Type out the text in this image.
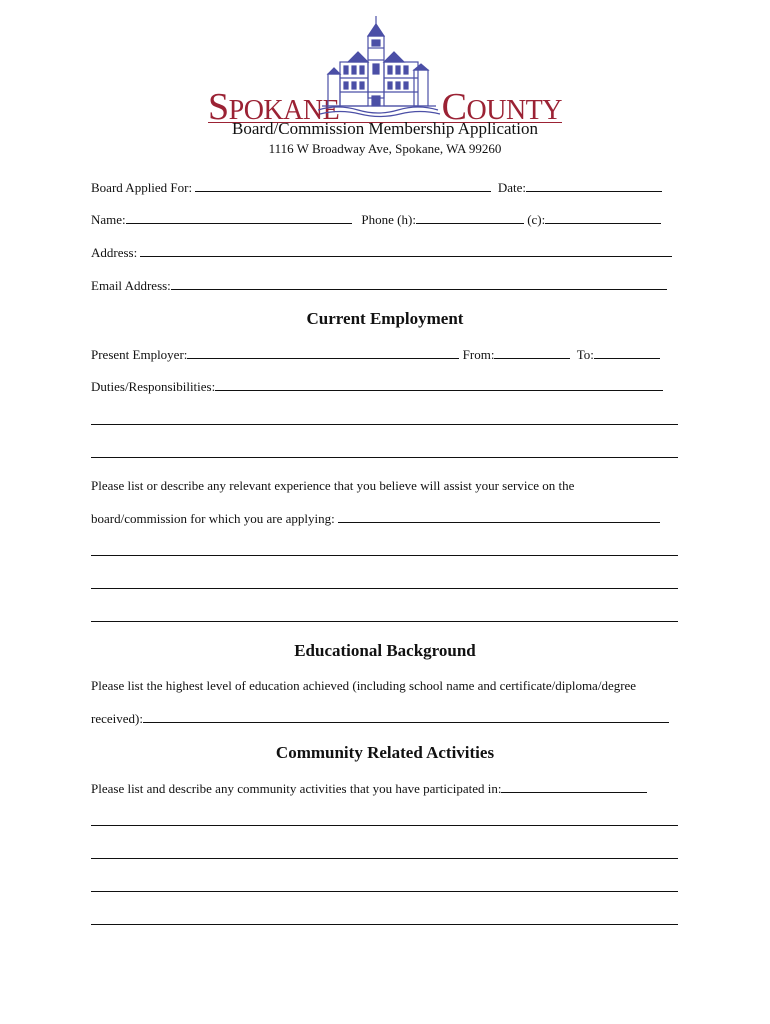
SPOKANE	COUNTY
Board/Commission Membership Application
1116 W Broadway Ave, Spokane, WA 99260
Board Applied For:	Date:
Name:	Phone (h):	(c):
Address:
Email Address:
Current Employment
Present Employer:	From:	To:
Duties/Responsibilities:
Please list or describe any relevant experience that you believe will assist your service on the
board/commission for which you are applying:
Educational Background
Please list the highest level of education achieved (including school name and certificate/diploma/degree
received):
Community Related Activities
Please list and describe any community activities that you have participated in:
